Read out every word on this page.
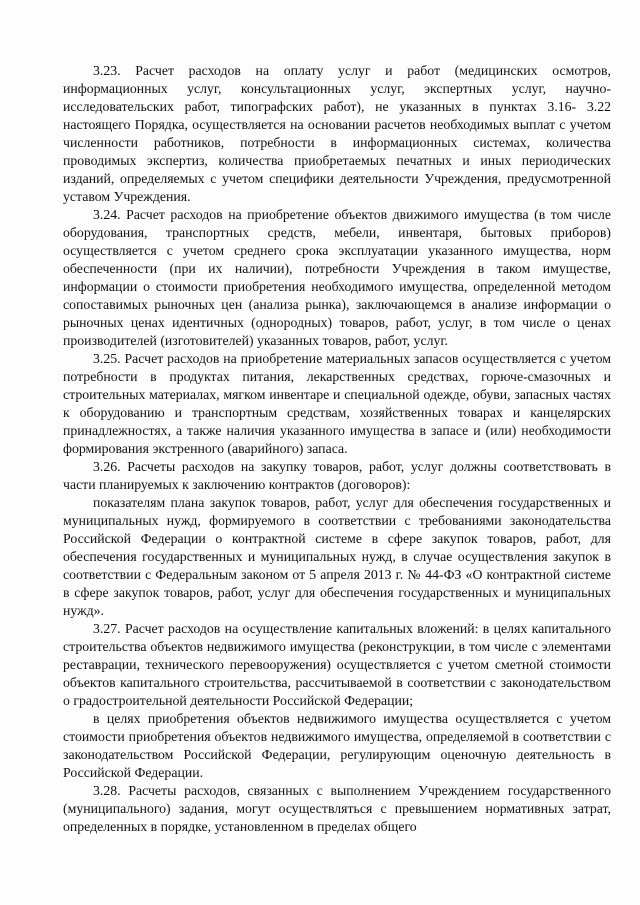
3.23. Расчет расходов на оплату услуг и работ (медицинских осмотров, информационных услуг, консультационных услуг, экспертных услуг, научно-исследовательских работ, типографских работ), не указанных в пунктах 3.16- 3.22 настоящего Порядка, осуществляется на основании расчетов необходимых выплат с учетом численности работников, потребности в информационных системах, количества проводимых экспертиз, количества приобретаемых печатных и иных периодических изданий, определяемых с учетом специфики деятельности Учреждения, предусмотренной уставом Учреждения.

3.24. Расчет расходов на приобретение объектов движимого имущества (в том числе оборудования, транспортных средств, мебели, инвентаря, бытовых приборов) осуществляется с учетом среднего срока эксплуатации указанного имущества, норм обеспеченности (при их наличии), потребности Учреждения в таком имуществе, информации о стоимости приобретения необходимого имущества, определенной методом сопоставимых рыночных цен (анализа рынка), заключающемся в анализе информации о рыночных ценах идентичных (однородных) товаров, работ, услуг, в том числе о ценах производителей (изготовителей) указанных товаров, работ, услуг.

3.25. Расчет расходов на приобретение материальных запасов осуществляется с учетом потребности в продуктах питания, лекарственных средствах, горюче-смазочных и строительных материалах, мягком инвентаре и специальной одежде, обуви, запасных частях к оборудованию и транспортным средствам, хозяйственных товарах и канцелярских принадлежностях, а также наличия указанного имущества в запасе и (или) необходимости формирования экстренного (аварийного) запаса.

3.26. Расчеты расходов на закупку товаров, работ, услуг должны соответствовать в части планируемых к заключению контрактов (договоров):

показателям плана закупок товаров, работ, услуг для обеспечения государственных и муниципальных нужд, формируемого в соответствии с требованиями законодательства Российской Федерации о контрактной системе в сфере закупок товаров, работ, для обеспечения государственных и муниципальных нужд, в случае осуществления закупок в соответствии с Федеральным законом от 5 апреля 2013 г. № 44-ФЗ «О контрактной системе в сфере закупок товаров, работ, услуг для обеспечения государственных и муниципальных нужд».

3.27. Расчет расходов на осуществление капитальных вложений: в целях капитального строительства объектов недвижимого имущества (реконструкции, в том числе с элементами реставрации, технического перевооружения) осуществляется с учетом сметной стоимости объектов капитального строительства, рассчитываемой в соответствии с законодательством о градостроительной деятельности Российской Федерации;

в целях приобретения объектов недвижимого имущества осуществляется с учетом стоимости приобретения объектов недвижимого имущества, определяемой в соответствии с законодательством Российской Федерации, регулирующим оценочную деятельность в Российской Федерации.

3.28. Расчеты расходов, связанных с выполнением Учреждением государственного (муниципального) задания, могут осуществляться с превышением нормативных затрат, определенных в порядке, установленном в пределах общего
